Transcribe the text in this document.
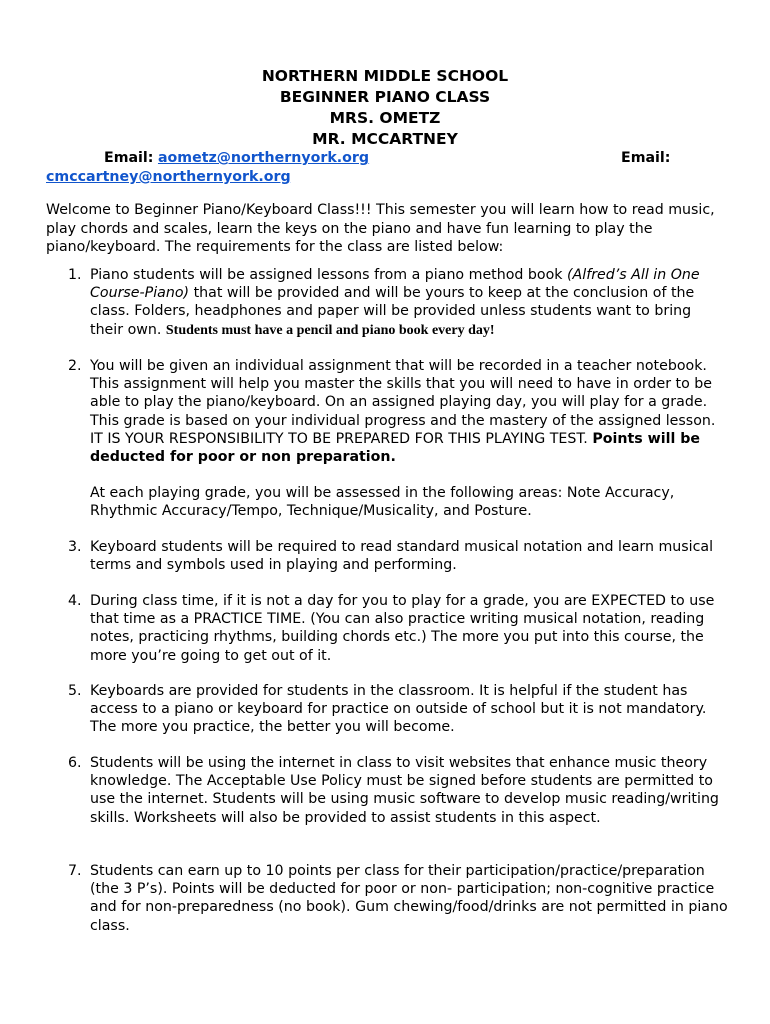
NORTHERN MIDDLE SCHOOL
BEGINNER PIANO CLASS
MRS. OMETZ
MR. MCCARTNEY
Email: aometz@northernyork.org	Email:
cmccartney@northernyork.org
Welcome to Beginner Piano/Keyboard Class!!! This semester you will learn how to read music, play chords and scales, learn the keys on the piano and have fun learning to play the piano/keyboard. The requirements for the class are listed below:
1. Piano students will be assigned lessons from a piano method book (Alfred’s All in One Course-Piano) that will be provided and will be yours to keep at the conclusion of the class. Folders, headphones and paper will be provided unless students want to bring their own. Students must have a pencil and piano book every day!
2. You will be given an individual assignment that will be recorded in a teacher notebook. This assignment will help you master the skills that you will need to have in order to be able to play the piano/keyboard. On an assigned playing day, you will play for a grade. This grade is based on your individual progress and the mastery of the assigned lesson. IT IS YOUR RESPONSIBILITY TO BE PREPARED FOR THIS PLAYING TEST. Points will be deducted for poor or non preparation.
At each playing grade, you will be assessed in the following areas: Note Accuracy, Rhythmic Accuracy/Tempo, Technique/Musicality, and Posture.
3. Keyboard students will be required to read standard musical notation and learn musical terms and symbols used in playing and performing.
4. During class time, if it is not a day for you to play for a grade, you are EXPECTED to use that time as a PRACTICE TIME. (You can also practice writing musical notation, reading notes, practicing rhythms, building chords etc.) The more you put into this course, the more you’re going to get out of it.
5. Keyboards are provided for students in the classroom. It is helpful if the student has access to a piano or keyboard for practice on outside of school but it is not mandatory. The more you practice, the better you will become.
6. Students will be using the internet in class to visit websites that enhance music theory knowledge. The Acceptable Use Policy must be signed before students are permitted to use the internet. Students will be using music software to develop music reading/writing skills. Worksheets will also be provided to assist students in this aspect.
7. Students can earn up to 10 points per class for their participation/practice/preparation (the 3 P’s). Points will be deducted for poor or non- participation; non-cognitive practice and for non-preparedness (no book). Gum chewing/food/drinks are not permitted in piano class.
